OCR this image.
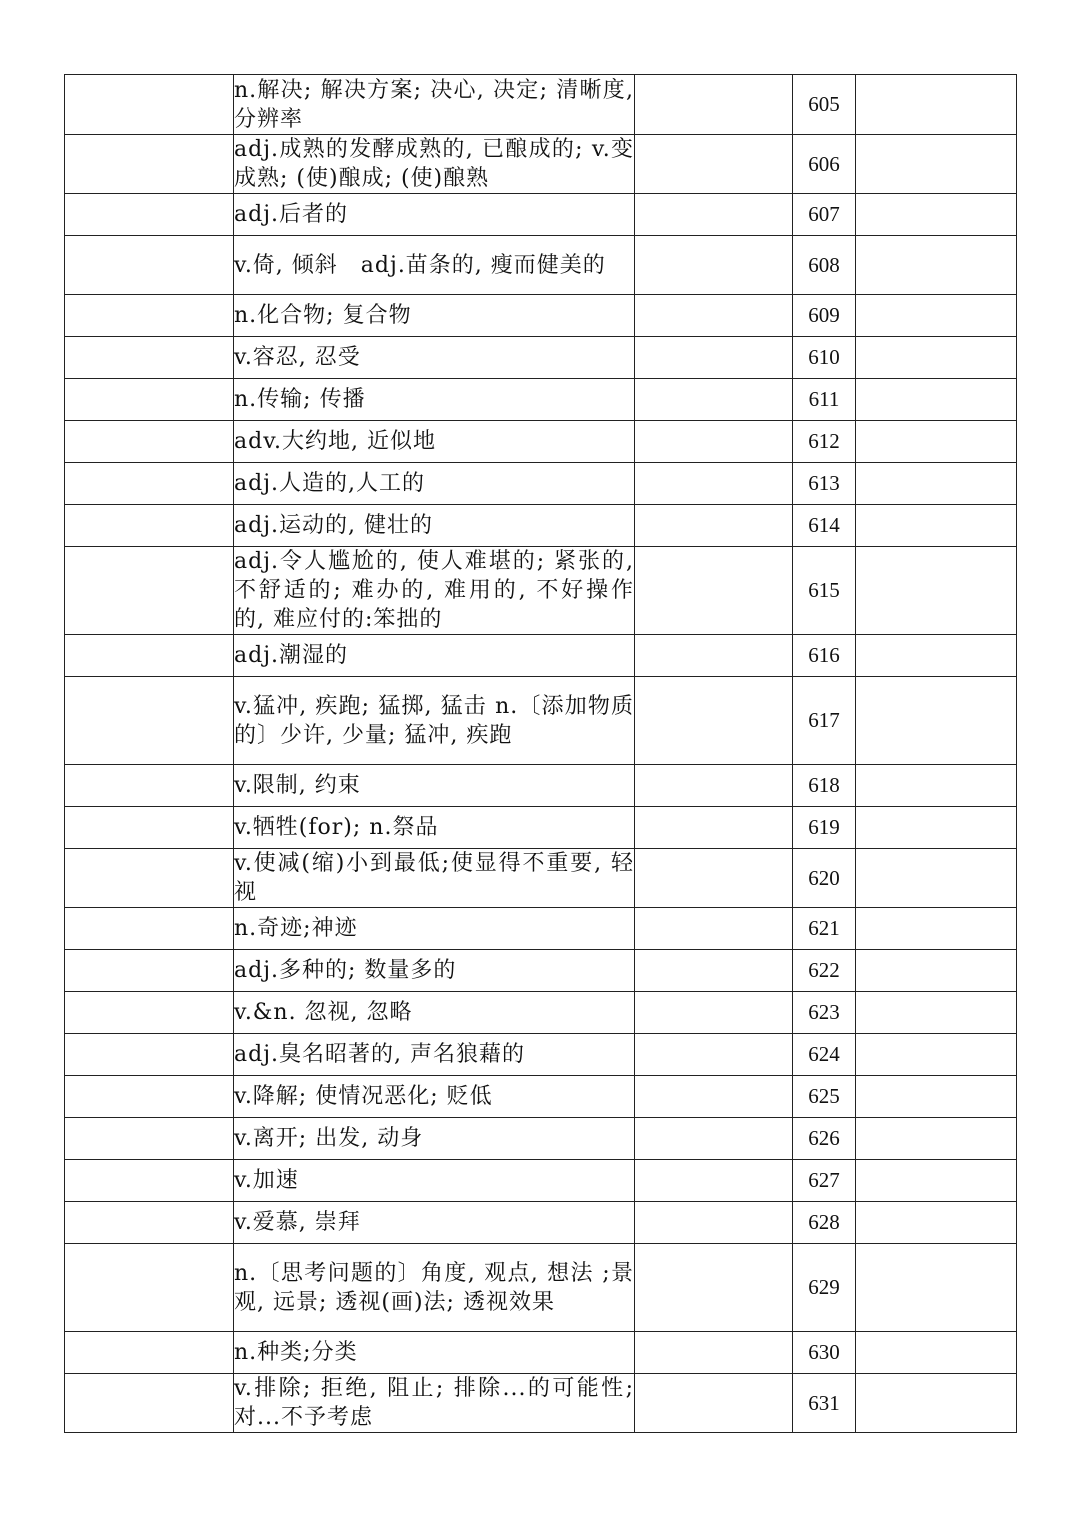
	n.解决; 解决方案; 决心, 决定; 清晰度, 分辨率		605	
	adj.成熟的发酵成熟的, 已酿成的; v.变成熟; (使)酿成; (使)酿熟		606	
	adj.后者的		607	
	v.倚, 倾斜　adj.苗条的, 瘦而健美的		608	
	n.化合物; 复合物		609	
	v.容忍, 忍受		610	
	n.传输; 传播		611	
	adv.大约地, 近似地		612	
	adj.人造的,人工的		613	
	adj.运动的, 健壮的		614	
	adj.令人尴尬的, 使人难堪的; 紧张的, 不舒适的; 难办的, 难用的, 不好操作的, 难应付的:笨拙的		615	
	adj.潮湿的		616	
	v.猛冲, 疾跑; 猛掷, 猛击 n.〔添加物质的〕少许, 少量; 猛冲, 疾跑		617	
	v.限制, 约束		618	
	v.牺牲(for); n.祭品		619	
	v.使减(缩)小到最低;使显得不重要, 轻视		620	
	n.奇迹;神迹		621	
	adj.多种的; 数量多的		622	
	v.&n. 忽视, 忽略		623	
	adj.臭名昭著的, 声名狼藉的		624	
	v.降解; 使情况恶化; 贬低		625	
	v.离开; 出发, 动身		626	
	v.加速		627	
	v.爱慕, 崇拜		628	
	n.〔思考问题的〕角度, 观点, 想法 ;景观, 远景; 透视(画)法; 透视效果		629	
	n.种类;分类		630	
	v.排除; 拒绝, 阻止; 排除...的可能性;对...不予考虑		631	
